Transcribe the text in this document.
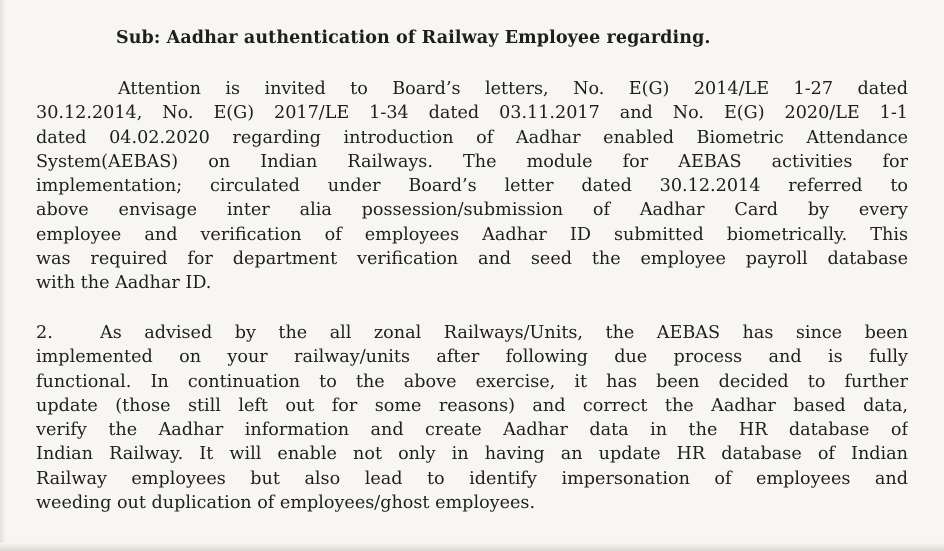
Sub: Aadhar authentication of Railway Employee regarding.
Attention is invited to Board’s letters, No. E(G) 2014/LE 1-27 dated
30.12.2014, No. E(G) 2017/LE 1-34 dated 03.11.2017 and No. E(G) 2020/LE 1-1
dated 04.02.2020 regarding introduction of Aadhar enabled Biometric Attendance
System(AEBAS) on Indian Railways. The module for AEBAS activities for
implementation; circulated under Board’s letter dated 30.12.2014 referred to
above envisage inter alia possession/submission of Aadhar Card by every
employee and verification of employees Aadhar ID submitted biometrically. This
was required for department verification and seed the employee payroll database
with the Aadhar ID.
2.	As advised by the all zonal Railways/Units, the AEBAS has since been
implemented on your railway/units after following due process and is fully
functional. In continuation to the above exercise, it has been decided to further
update (those still left out for some reasons) and correct the Aadhar based data,
verify the Aadhar information and create Aadhar data in the HR database of
Indian Railway. It will enable not only in having an update HR database of Indian
Railway employees but also lead to identify impersonation of employees and
weeding out duplication of employees/ghost employees.
